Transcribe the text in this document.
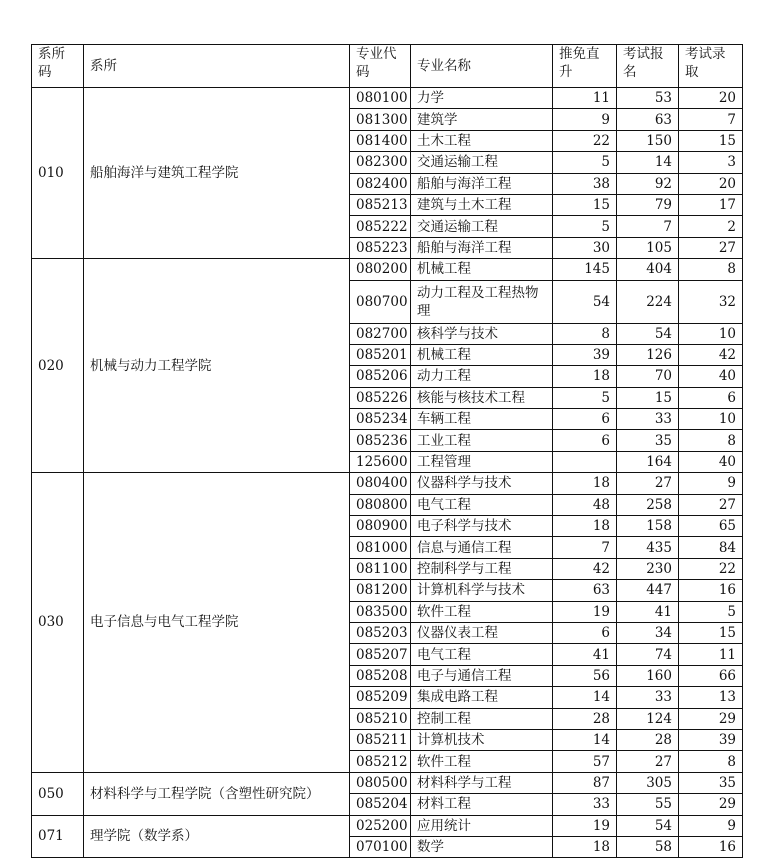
系所码	系所	专业代码	专业名称	推免直升	考试报名	考试录取
010	船舶海洋与建筑工程学院	080100	力学	11	53	20
		081300	建筑学	9	63	7
		081400	土木工程	22	150	15
		082300	交通运输工程	5	14	3
		082400	船舶与海洋工程	38	92	20
		085213	建筑与土木工程	15	79	17
		085222	交通运输工程	5	7	2
		085223	船舶与海洋工程	30	105	27
020	机械与动力工程学院	080200	机械工程	145	404	8
		080700	动力工程及工程热物理	54	224	32
		082700	核科学与技术	8	54	10
		085201	机械工程	39	126	42
		085206	动力工程	18	70	40
		085226	核能与核技术工程	5	15	6
		085234	车辆工程	6	33	10
		085236	工业工程	6	35	8
		125600	工程管理		164	40
030	电子信息与电气工程学院	080400	仪器科学与技术	18	27	9
		080800	电气工程	48	258	27
		080900	电子科学与技术	18	158	65
		081000	信息与通信工程	7	435	84
		081100	控制科学与工程	42	230	22
		081200	计算机科学与技术	63	447	16
		083500	软件工程	19	41	5
		085203	仪器仪表工程	6	34	15
		085207	电气工程	41	74	11
		085208	电子与通信工程	56	160	66
		085209	集成电路工程	14	33	13
		085210	控制工程	28	124	29
		085211	计算机技术	14	28	39
		085212	软件工程	57	27	8
050	材料科学与工程学院（含塑性研究院）	080500	材料科学与工程	87	305	35
		085204	材料工程	33	55	29
071	理学院（数学系）	025200	应用统计	19	54	9
		070100	数学	18	58	16
